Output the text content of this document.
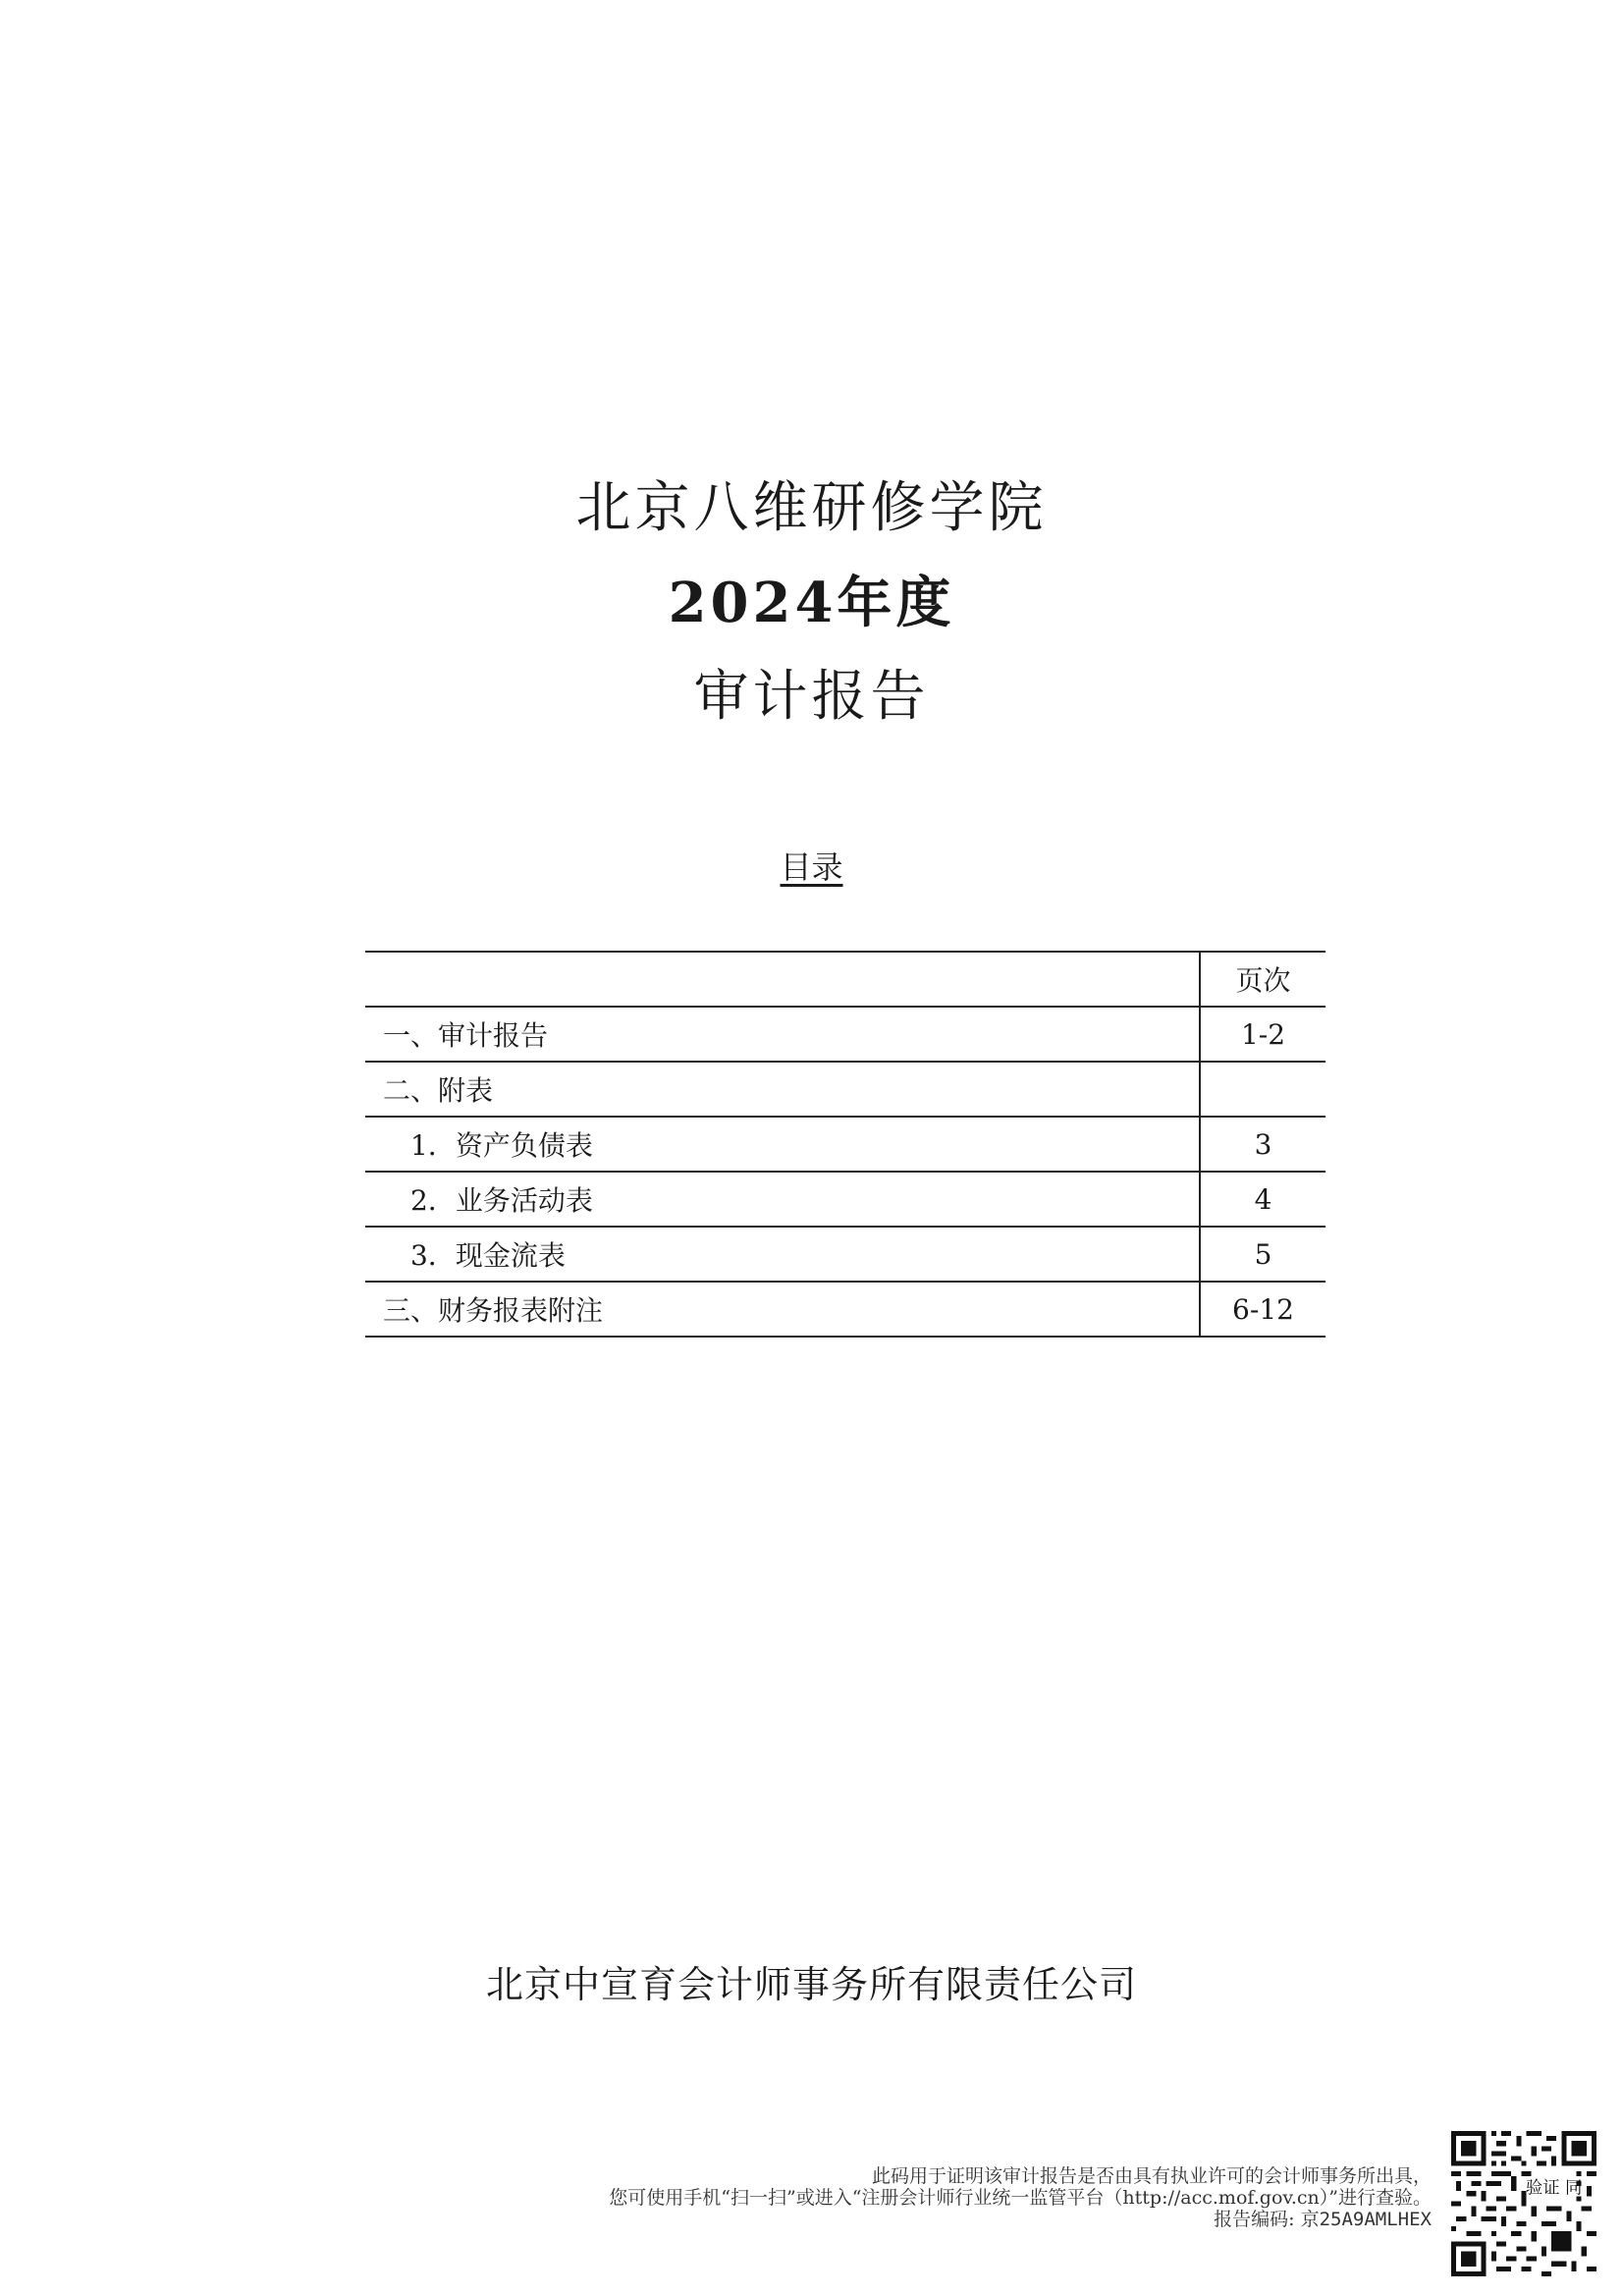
北京八维研修学院
2024年度
审计报告
目录
	页次
一、审计报告	1-2
二、附表	
1．资产负债表	3
2．业务活动表	4
3．现金流表	5
三、财务报表附注	6-12
北京中宣育会计师事务所有限责任公司
此码用于证明该审计报告是否由具有执业许可的会计师事务所出具，
您可使用手机“扫一扫”或进入“注册会计师行业统一监管平台（http://acc.mof.gov.cn）”进行查验。
报告编码: 京25A9AMLHEX
验证 同
